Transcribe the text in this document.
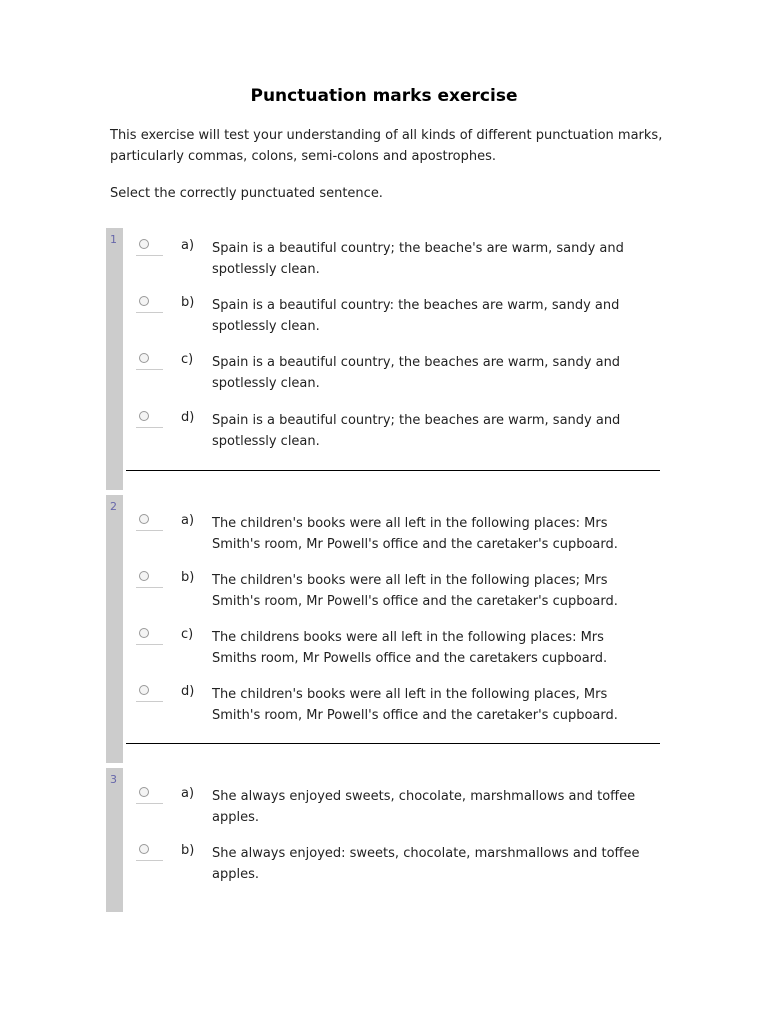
Punctuation marks exercise

This exercise will test your understanding of all kinds of different punctuation marks, particularly commas, colons, semi-colons and apostrophes.

Select the correctly punctuated sentence.

1	a) Spain is a beautiful country; the beache's are warm, sandy and spotlessly clean.
b) Spain is a beautiful country: the beaches are warm, sandy and spotlessly clean.
c) Spain is a beautiful country, the beaches are warm, sandy and spotlessly clean.
d) Spain is a beautiful country; the beaches are warm, sandy and spotlessly clean.
2
a) The children's books were all left in the following places: Mrs Smith's room, Mr Powell's office and the caretaker's cupboard.
b) The children's books were all left in the following places; Mrs Smith's room, Mr Powell's office and the caretaker's cupboard.
c) The childrens books were all left in the following places: Mrs Smiths room, Mr Powells office and the caretakers cupboard.
d) The children's books were all left in the following places, Mrs Smith's room, Mr Powell's office and the caretaker's cupboard.
3
a) She always enjoyed sweets, chocolate, marshmallows and toffee apples.
b) She always enjoyed: sweets, chocolate, marshmallows and toffee apples.
